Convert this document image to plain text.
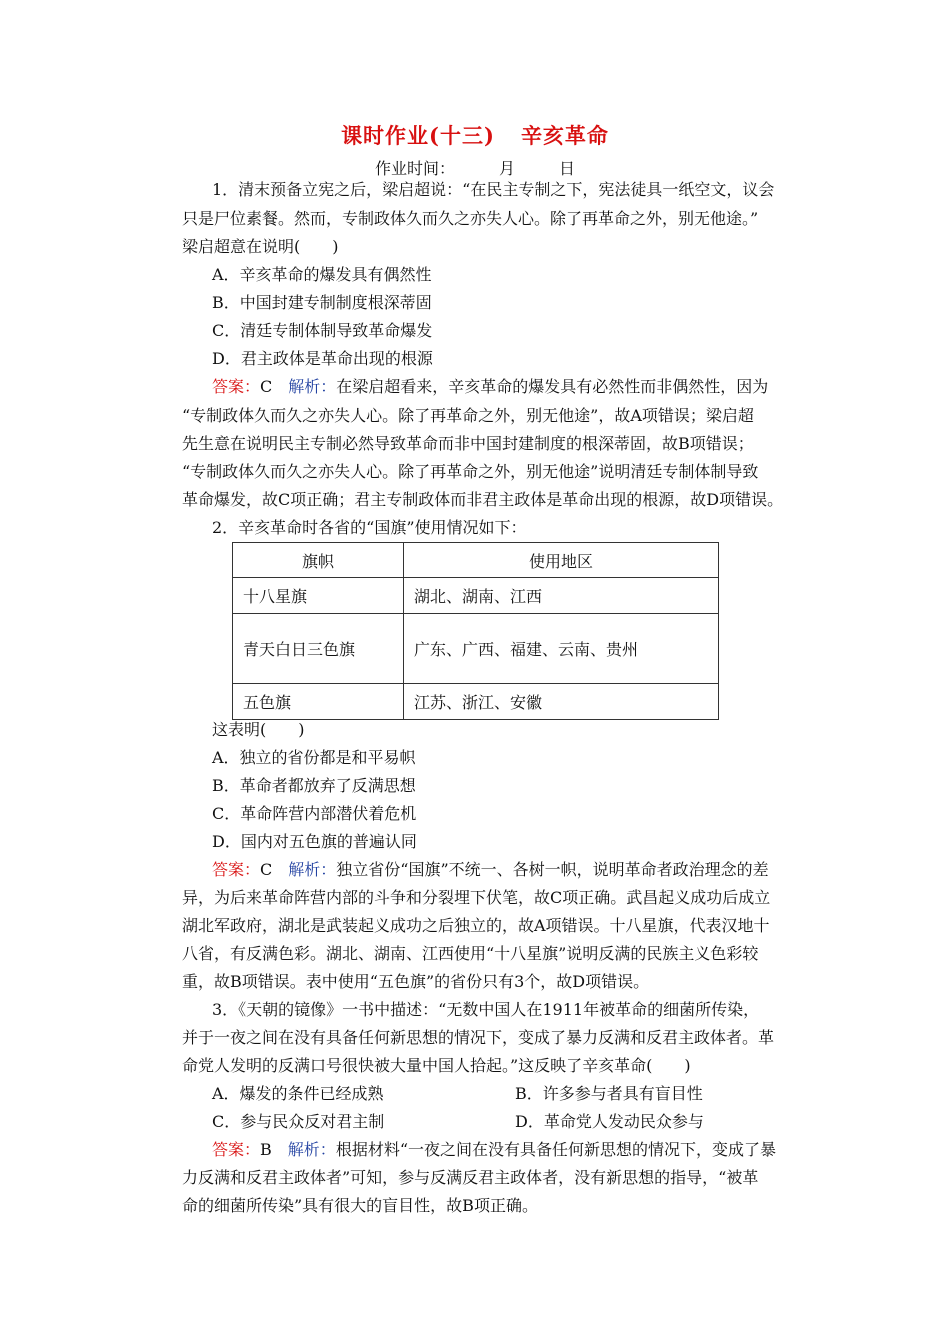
课时作业(十三) 辛亥革命
作业时间：	月	日
1．清末预备立宪之后，梁启超说：“在民主专制之下，宪法徒具一纸空文，议会
只是尸位素餐。然而，专制政体久而久之亦失人心。除了再革命之外，别无他途。”
梁启超意在说明(　　)
A．辛亥革命的爆发具有偶然性
B．中国封建专制制度根深蒂固
C．清廷专制体制导致革命爆发
D．君主政体是革命出现的根源
答案：C　 解析：在梁启超看来，辛亥革命的爆发具有必然性而非偶然性，因为
“专制政体久而久之亦失人心。除了再革命之外，别无他途”，故A项错误；梁启超
先生意在说明民主专制必然导致革命而非中国封建制度的根深蒂固，故B项错误；
“专制政体久而久之亦失人心。除了再革命之外，别无他途”说明清廷专制体制导致
革命爆发，故C项正确；君主专制政体而非君主政体是革命出现的根源，故D项错误。
2．辛亥革命时各省的“国旗”使用情况如下：
旗帜	使用地区
十八星旗	湖北、湖南、江西
青天白日三色旗	广东、广西、福建、云南、贵州
五色旗	江苏、浙江、安徽
这表明(　　)
A．独立的省份都是和平易帜
B．革命者都放弃了反满思想
C．革命阵营内部潜伏着危机
D．国内对五色旗的普遍认同
答案：C　 解析：独立省份“国旗”不统一、各树一帜，说明革命者政治理念的差
异，为后来革命阵营内部的斗争和分裂埋下伏笔，故C项正确。武昌起义成功后成立
湖北军政府，湖北是武装起义成功之后独立的，故A项错误。十八星旗，代表汉地十
八省，有反满色彩。湖北、湖南、江西使用“十八星旗”说明反满的民族主义色彩较
重，故B项错误。表中使用“五色旗”的省份只有3个，故D项错误。
3．《天朝的镜像》一书中描述：“无数中国人在1911年被革命的细菌所传染，
并于一夜之间在没有具备任何新思想的情况下，变成了暴力反满和反君主政体者。革
命党人发明的反满口号很快被大量中国人拾起。”这反映了辛亥革命(　　)
A．爆发的条件已经成熟	B．许多参与者具有盲目性
C．参与民众反对君主制	D．革命党人发动民众参与
答案：B　 解析：根据材料“一夜之间在没有具备任何新思想的情况下，变成了暴
力反满和反君主政体者”可知，参与反满反君主政体者，没有新思想的指导，“被革
命的细菌所传染”具有很大的盲目性，故B项正确。
